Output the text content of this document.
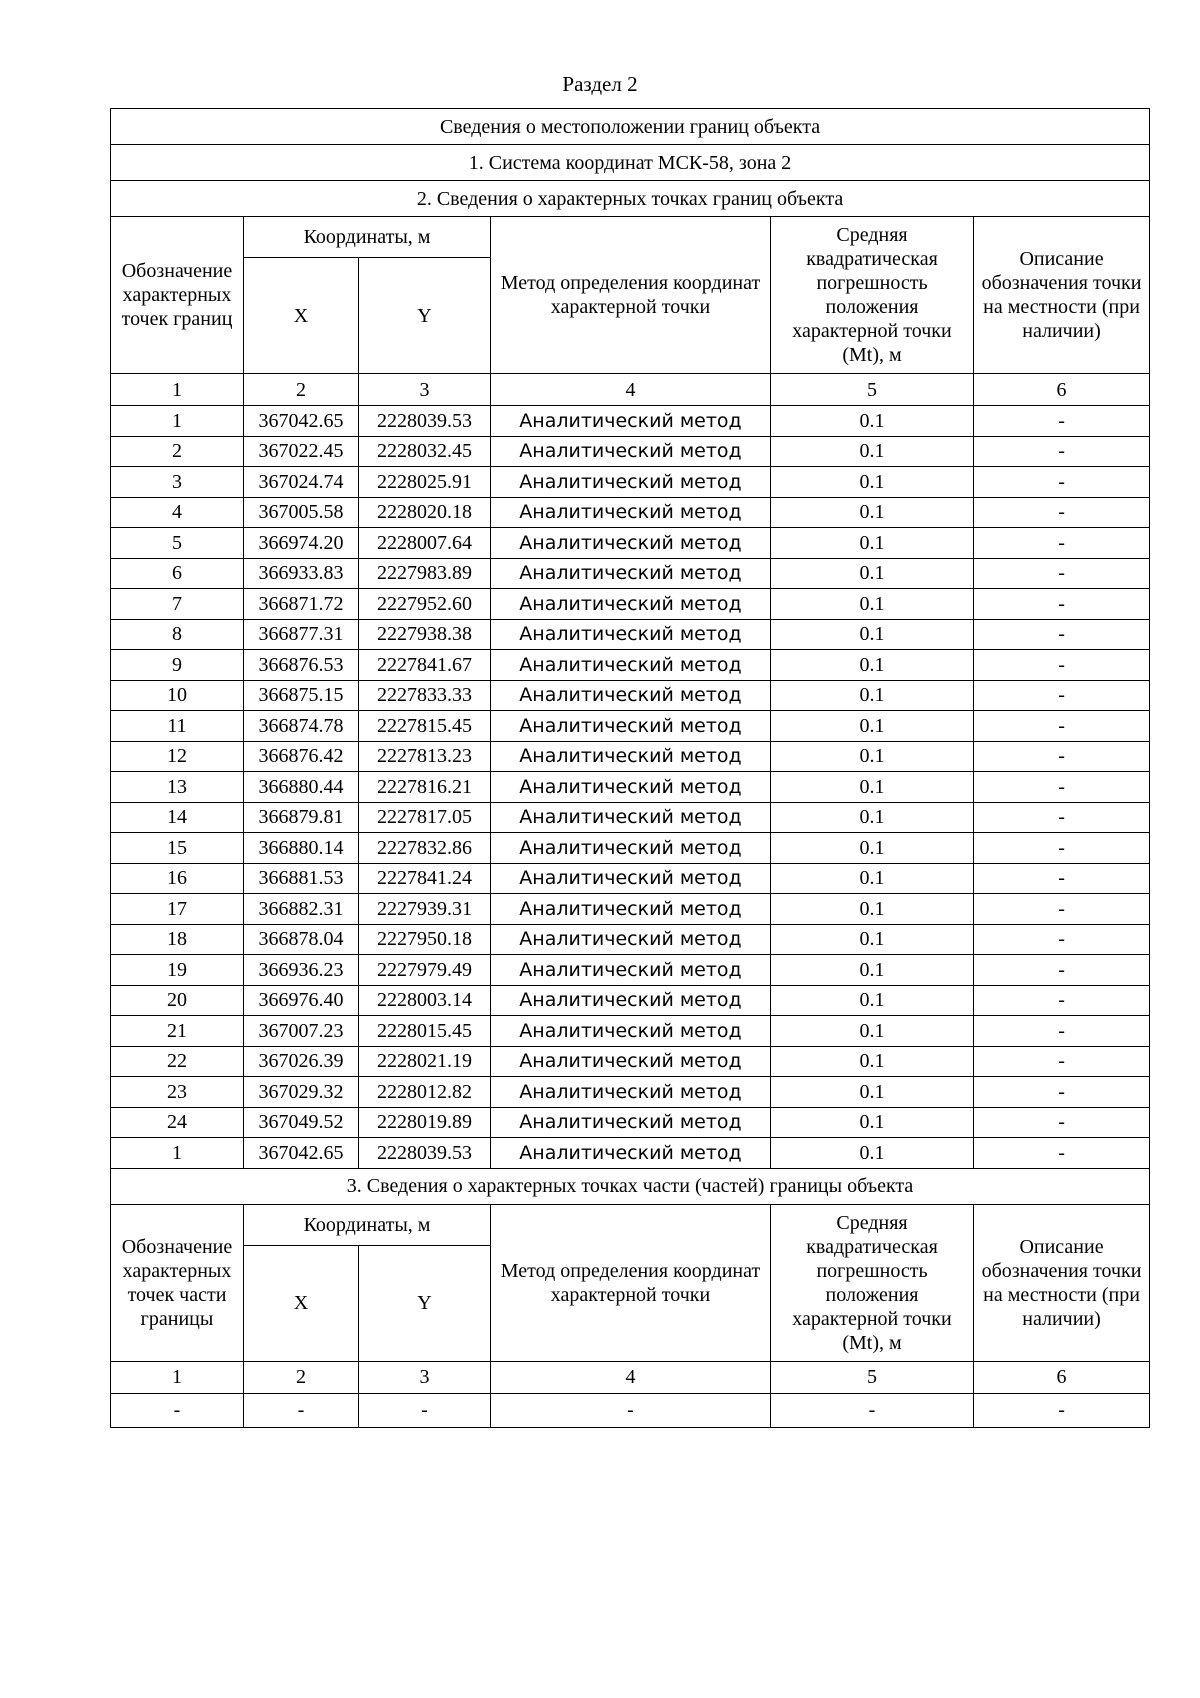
Раздел 2
Сведения о местоположении границ объекта					
1. Система координат МСК-58, зона 2					
2. Сведения о характерных точках границ объекта					
Обозначение характерных точек границ	Координаты, м		Метод определения координат характерной точки	Средняя квадратическая погрешность положения характерной точки (Mt), м	Описание обозначения точки на местности (при наличии)
	X	Y			
1	2	3	4	5	6
1	367042.65	2228039.53	Аналитический метод	0.1	-
2	367022.45	2228032.45	Аналитический метод	0.1	-
3	367024.74	2228025.91	Аналитический метод	0.1	-
4	367005.58	2228020.18	Аналитический метод	0.1	-
5	366974.20	2228007.64	Аналитический метод	0.1	-
6	366933.83	2227983.89	Аналитический метод	0.1	-
7	366871.72	2227952.60	Аналитический метод	0.1	-
8	366877.31	2227938.38	Аналитический метод	0.1	-
9	366876.53	2227841.67	Аналитический метод	0.1	-
10	366875.15	2227833.33	Аналитический метод	0.1	-
11	366874.78	2227815.45	Аналитический метод	0.1	-
12	366876.42	2227813.23	Аналитический метод	0.1	-
13	366880.44	2227816.21	Аналитический метод	0.1	-
14	366879.81	2227817.05	Аналитический метод	0.1	-
15	366880.14	2227832.86	Аналитический метод	0.1	-
16	366881.53	2227841.24	Аналитический метод	0.1	-
17	366882.31	2227939.31	Аналитический метод	0.1	-
18	366878.04	2227950.18	Аналитический метод	0.1	-
19	366936.23	2227979.49	Аналитический метод	0.1	-
20	366976.40	2228003.14	Аналитический метод	0.1	-
21	367007.23	2228015.45	Аналитический метод	0.1	-
22	367026.39	2228021.19	Аналитический метод	0.1	-
23	367029.32	2228012.82	Аналитический метод	0.1	-
24	367049.52	2228019.89	Аналитический метод	0.1	-
1	367042.65	2228039.53	Аналитический метод	0.1	-
3. Сведения о характерных точках части (частей) границы объекта					
Обозначение характерных точек части границы	Координаты, м		Метод определения координат характерной точки	Средняя квадратическая погрешность положения характерной точки (Mt), м	Описание обозначения точки на местности (при наличии)
	X	Y			
1	2	3	4	5	6
-	-	-	-	-	-
